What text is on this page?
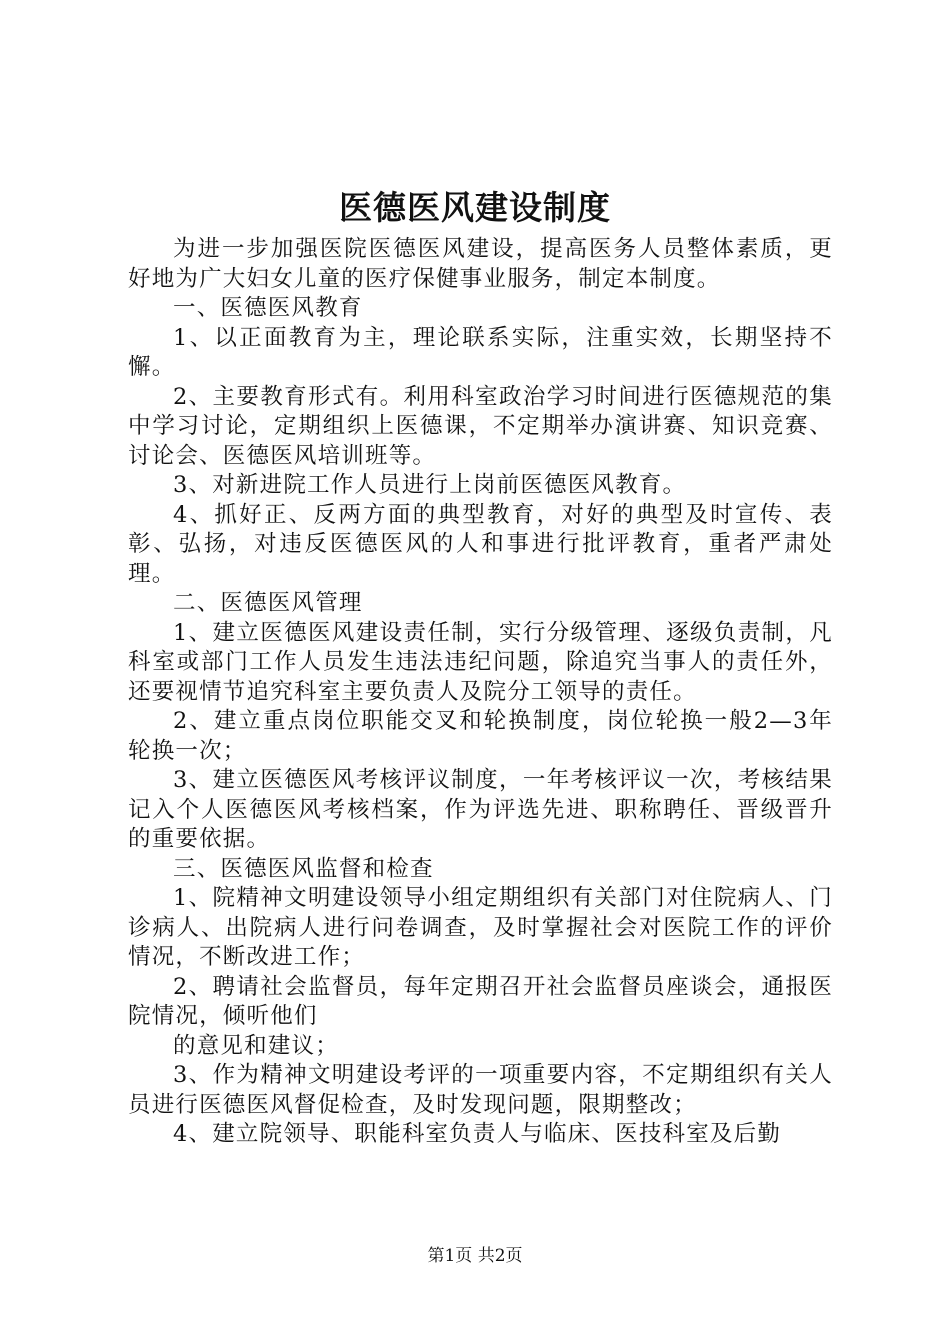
医德医风建设制度

为进一步加强医院医德医风建设，提高医务人员整体素质，更好地为广大妇女儿童的医疗保健事业服务，制定本制度。

一、医德医风教育

1、以正面教育为主，理论联系实际，注重实效，长期坚持不懈。

2、主要教育形式有。利用科室政治学习时间进行医德规范的集中学习讨论，定期组织上医德课，不定期举办演讲赛、知识竞赛、讨论会、医德医风培训班等。

3、对新进院工作人员进行上岗前医德医风教育。

4、抓好正、反两方面的典型教育，对好的典型及时宣传、表彰、弘扬，对违反医德医风的人和事进行批评教育，重者严肃处理。

二、医德医风管理

1、建立医德医风建设责任制，实行分级管理、逐级负责制，凡科室或部门工作人员发生违法违纪问题，除追究当事人的责任外，还要视情节追究科室主要负责人及院分工领导的责任。

2、建立重点岗位职能交叉和轮换制度，岗位轮换一般2—3年轮换一次；

3、建立医德医风考核评议制度，一年考核评议一次，考核结果记入个人医德医风考核档案，作为评选先进、职称聘任、晋级晋升的重要依据。

三、医德医风监督和检查

1、院精神文明建设领导小组定期组织有关部门对住院病人、门诊病人、出院病人进行问卷调查，及时掌握社会对医院工作的评价情况，不断改进工作；

2、聘请社会监督员，每年定期召开社会监督员座谈会，通报医院情况，倾听他们

的意见和建议；

3、作为精神文明建设考评的一项重要内容，不定期组织有关人员进行医德医风督促检查，及时发现问题，限期整改；

4、建立院领导、职能科室负责人与临床、医技科室及后勤

第1页 共2页
